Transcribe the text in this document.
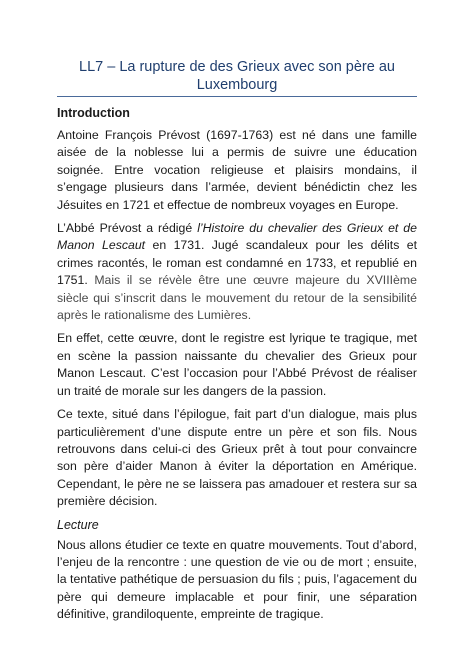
LL7 – La rupture de des Grieux avec son père au
Luxembourg
Introduction

Antoine François Prévost (1697-1763) est né dans une famille aisée de la noblesse lui a permis de suivre une éducation soignée. Entre vocation religieuse et plaisirs mondains, il s’engage plusieurs dans l’armée, devient bénédictin chez les Jésuites en 1721 et effectue de nombreux voyages en Europe.

L’Abbé Prévost a rédigé l’Histoire du chevalier des Grieux et de Manon Lescaut en 1731. Jugé scandaleux pour les délits et crimes racontés, le roman est condamné en 1733, et republié en 1751. Mais il se révèle être une œuvre majeure du XVIIIème siècle qui s’inscrit dans le mouvement du retour de la sensibilité après le rationalisme des Lumières.

En effet, cette œuvre, dont le registre est lyrique te tragique, met en scène la passion naissante du chevalier des Grieux pour Manon Lescaut. C’est l’occasion pour l’Abbé Prévost de réaliser un traité de morale sur les dangers de la passion.

Ce texte, situé dans l’épilogue, fait part d’un dialogue, mais plus particulièrement d’une dispute entre un père et son fils. Nous retrouvons dans celui-ci des Grieux prêt à tout pour convaincre son père d’aider Manon à éviter la déportation en Amérique. Cependant, le père ne se laissera pas amadouer et restera sur sa première décision.

Lecture

Nous allons étudier ce texte en quatre mouvements. Tout d’abord, l’enjeu de la rencontre : une question de vie ou de mort ; ensuite, la tentative pathétique de persuasion du fils ; puis, l’agacement du père qui demeure implacable et pour finir, une séparation définitive, grandiloquente, empreinte de tragique.
